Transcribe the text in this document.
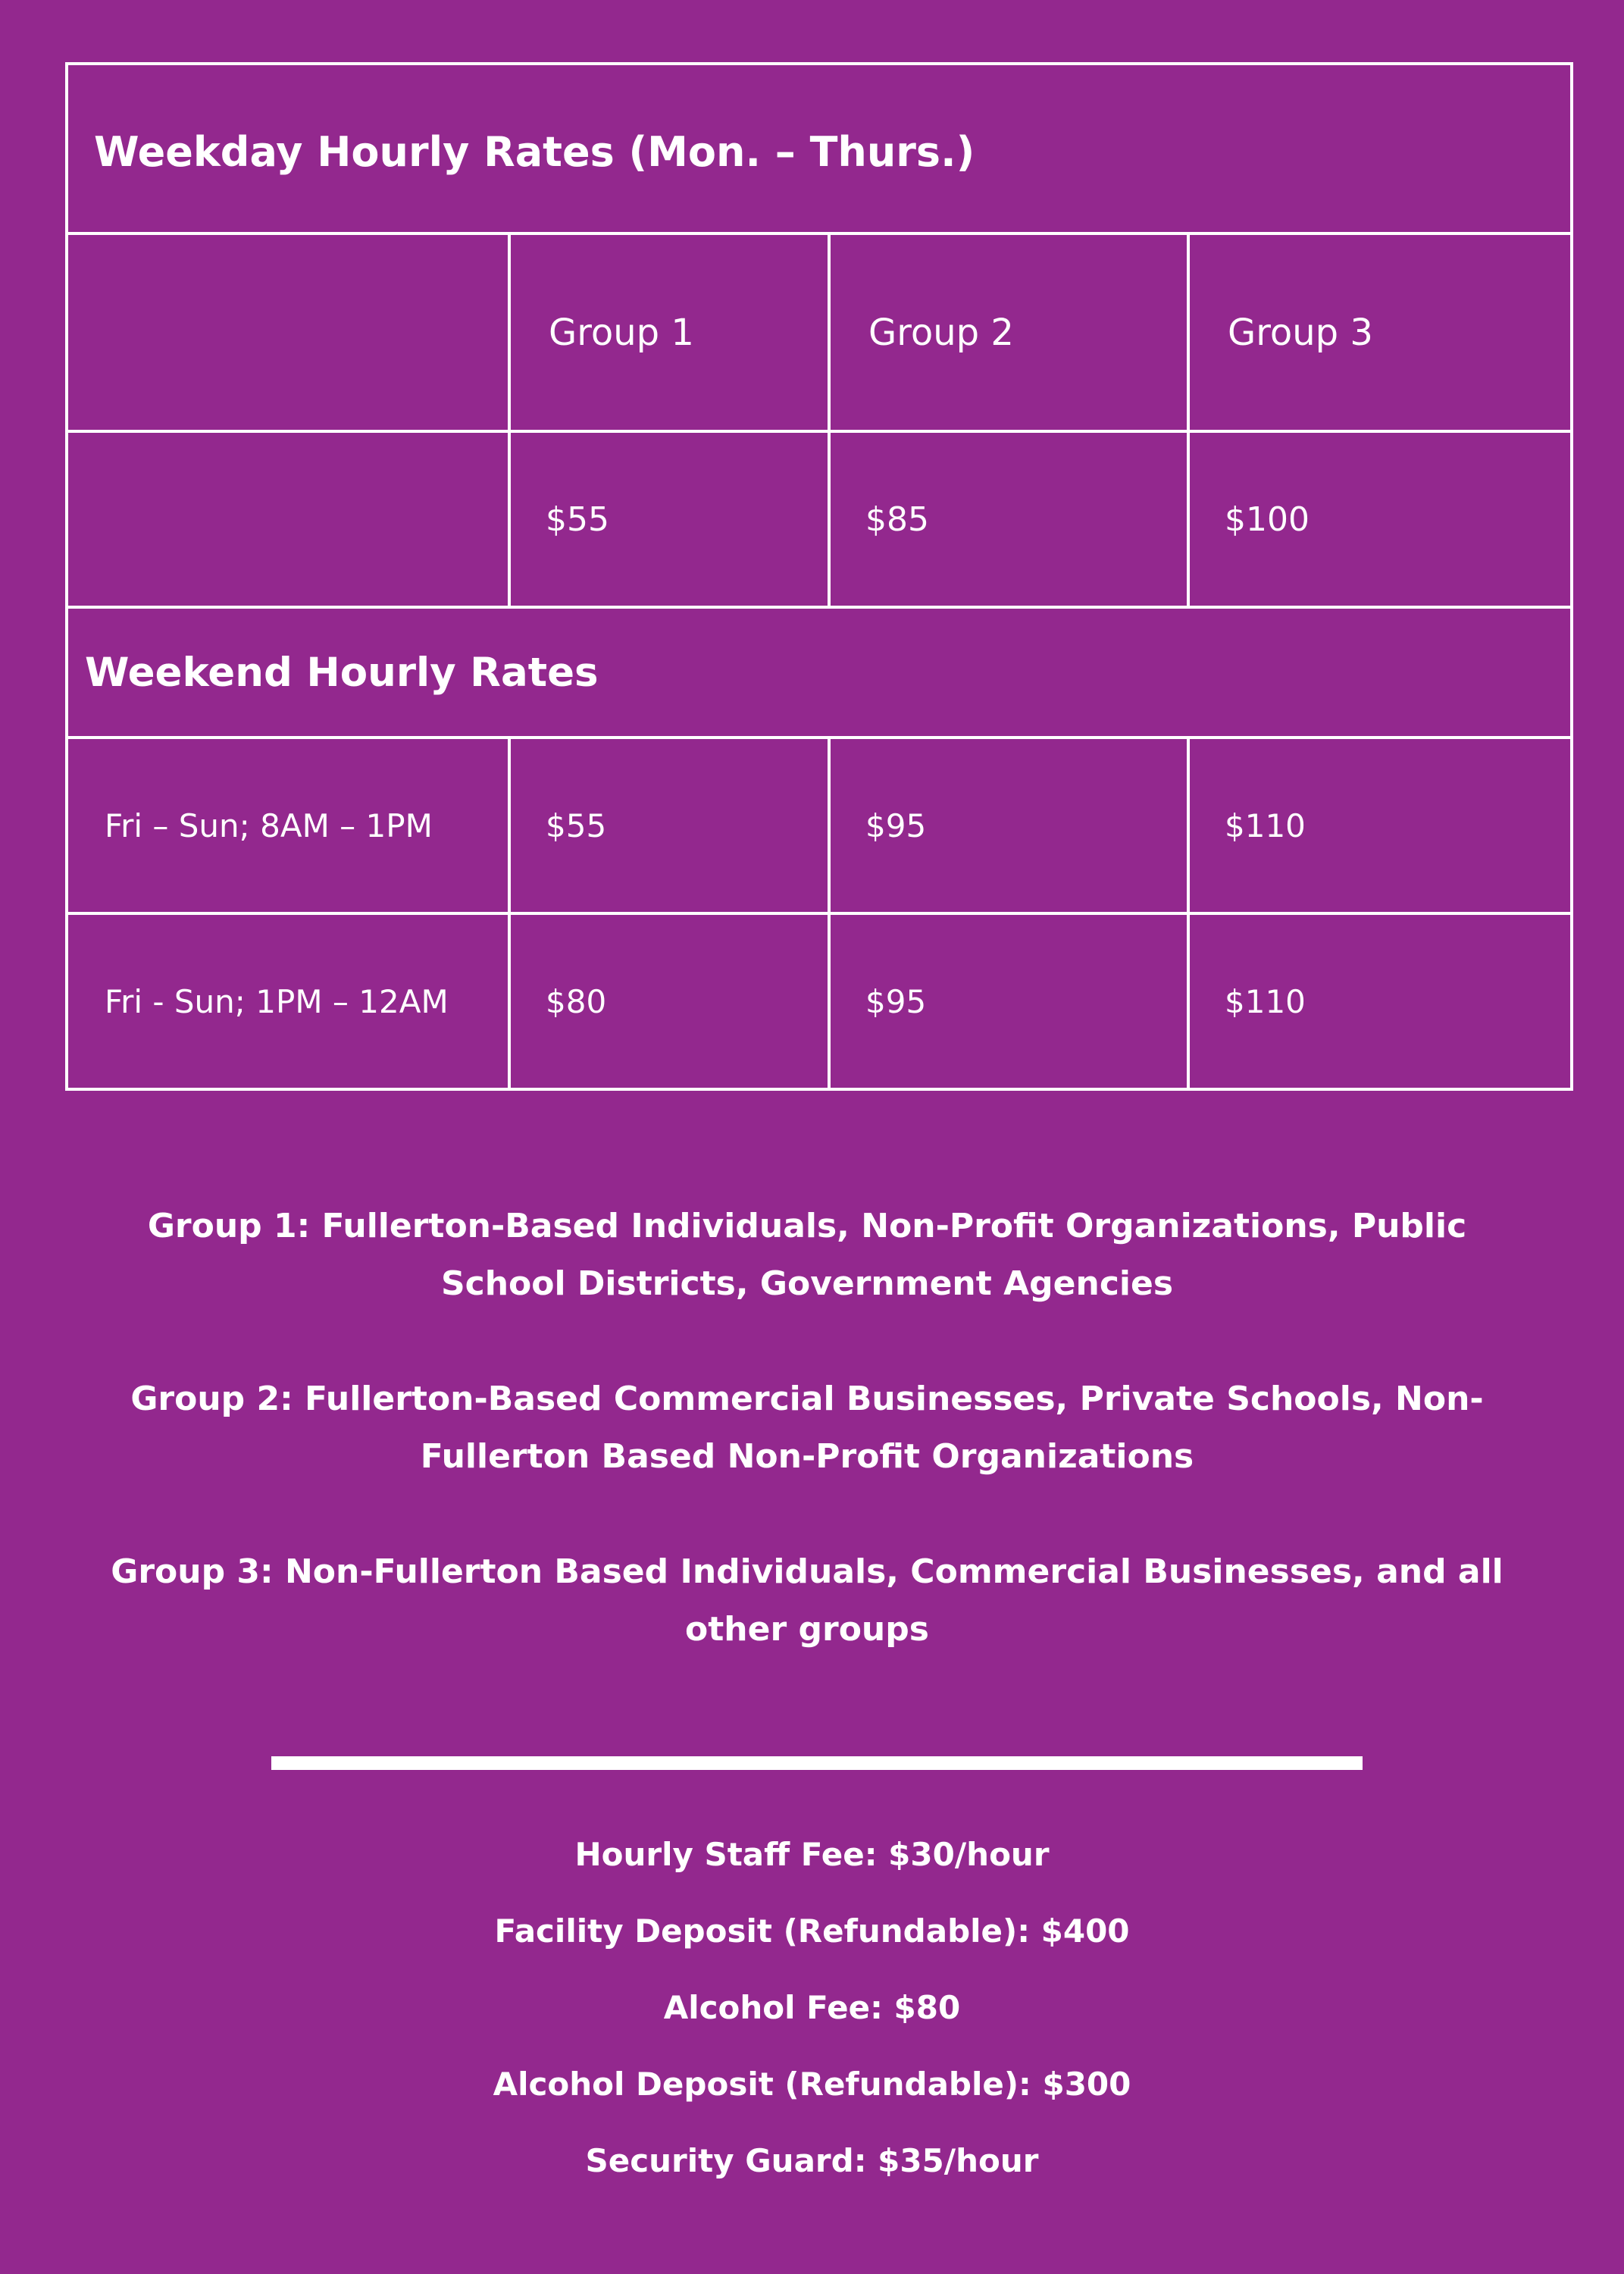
Weekday Hourly Rates (Mon. – Thurs.)			
	Group 1	Group 2	Group 3
	$55	$85	$100
Weekend Hourly Rates			
Fri – Sun; 8AM – 1PM	$55	$95	$110
Fri - Sun; 1PM – 12AM	$80	$95	$110

Group 1: Fullerton-Based Individuals, Non-Profit Organizations, Public School Districts, Government Agencies

Group 2: Fullerton-Based Commercial Businesses, Private Schools, Non-Fullerton Based Non-Profit Organizations

Group 3: Non-Fullerton Based Individuals, Commercial Businesses, and all other groups

Hourly Staff Fee: $30/hour
Facility Deposit (Refundable): $400
Alcohol Fee: $80
Alcohol Deposit (Refundable): $300
Security Guard: $35/hour
